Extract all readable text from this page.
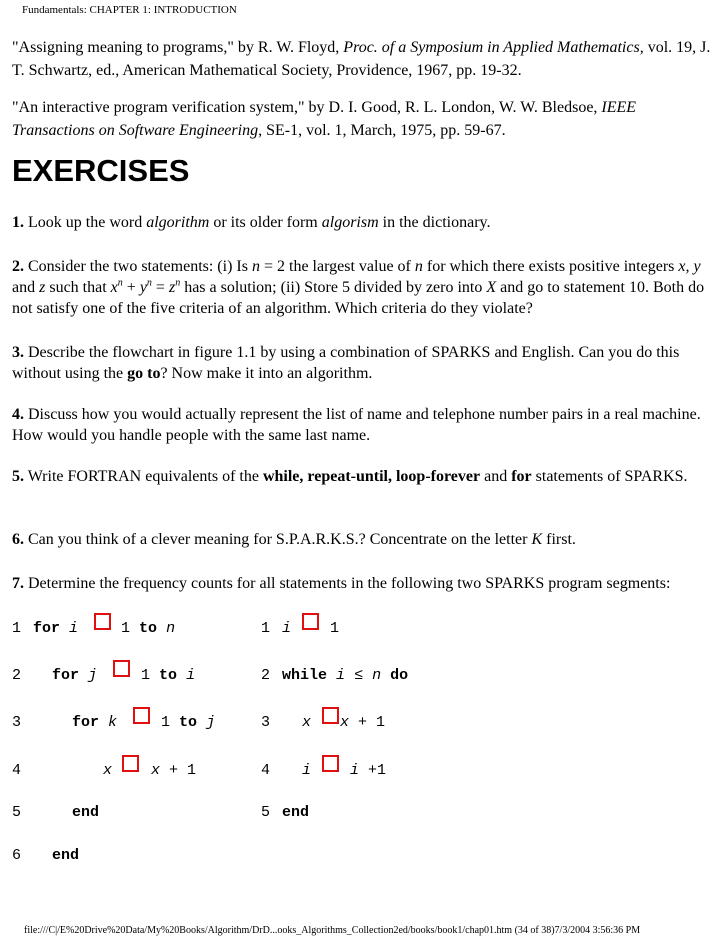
Fundamentals: CHAPTER 1: INTRODUCTION
"Assigning meaning to programs," by R. W. Floyd, Proc. of a Symposium in Applied Mathematics, vol. 19, J. T. Schwartz, ed., American Mathematical Society, Providence, 1967, pp. 19-32.
"An interactive program verification system," by D. I. Good, R. L. London, W. W. Bledsoe, IEEE Transactions on Software Engineering, SE-1, vol. 1, March, 1975, pp. 59-67.
EXERCISES
1. Look up the word algorithm or its older form algorism in the dictionary.
2. Consider the two statements: (i) Is n = 2 the largest value of n for which there exists positive integers x, y and z such that $x^n + y^n = z^n$ has a solution; (ii) Store 5 divided by zero into X and go to statement 10. Both do not satisfy one of the five criteria of an algorithm. Which criteria do they violate?
3. Describe the flowchart in figure 1.1 by using a combination of SPARKS and English. Can you do this without using the go to? Now make it into an algorithm.
4. Discuss how you would actually represent the list of name and telephone number pairs in a real machine. How would you handle people with the same last name.
5. Write FORTRAN equivalents of the while, repeat-until, loop-forever and for statements of SPARKS.
6. Can you think of a clever meaning for S.P.A.R.K.S.? Concentrate on the letter K first.
7. Determine the frequency counts for all statements in the following two SPARKS program segments:
1 for i	1 to n
2 for j	1 to i
3	for k	1 to j
4	x	x + 1
5	end
6 end
1 i	1
2 while i ≤ n do
3 x x + 1
4 i	i +1
5 end
file:///C|/E%20Drive%20Data/My%20Books/Algorithm/DrD...ooks_Algorithms_Collection2ed/books/book1/chap01.htm (34 of 38)7/3/2004 3:56:36 PM
